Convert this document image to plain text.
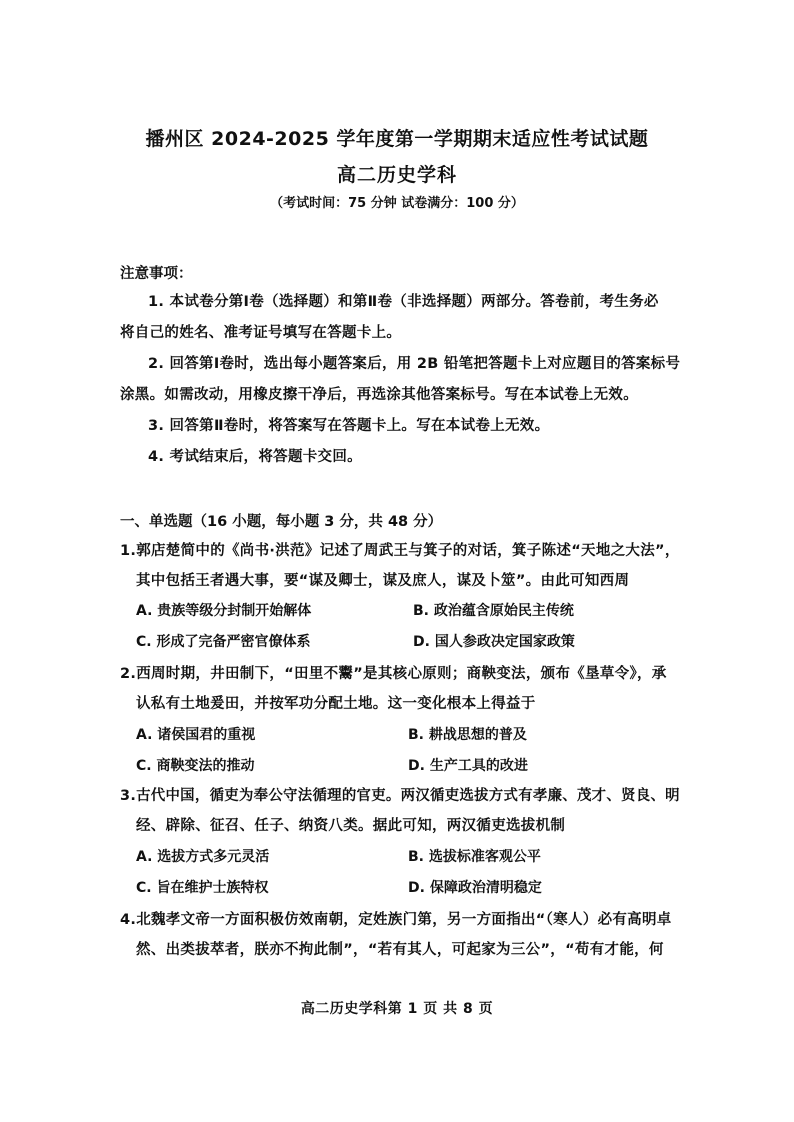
播州区 2024-2025 学年度第一学期期末适应性考试试题
高二历史学科
（考试时间：75 分钟 试卷满分：100 分）
注意事项：
1. 本试卷分第Ⅰ卷（选择题）和第Ⅱ卷（非选择题）两部分。答卷前，考生务必
将自己的姓名、准考证号填写在答题卡上。
2. 回答第Ⅰ卷时，选出每小题答案后，用 2B 铅笔把答题卡上对应题目的答案标号
涂黑。如需改动，用橡皮擦干净后，再选涂其他答案标号。写在本试卷上无效。
3. 回答第Ⅱ卷时，将答案写在答题卡上。写在本试卷上无效。
4. 考试结束后，将答题卡交回。
一、单选题（16 小题，每小题 3 分，共 48 分）
1.郭店楚简中的《尚书·洪范》记述了周武王与箕子的对话，箕子陈述“天地之大法”，
其中包括王者遇大事，要“谋及卿士，谋及庶人，谋及卜筮”。由此可知西周
A. 贵族等级分封制开始解体	B. 政治蕴含原始民主传统
C. 形成了完备严密官僚体系	D. 国人参政决定国家政策
2.西周时期，井田制下，“田里不鬻”是其核心原则；商鞅变法，颁布《垦草令》，承
认私有土地爰田，并按军功分配土地。这一变化根本上得益于
A. 诸侯国君的重视	B. 耕战思想的普及
C. 商鞅变法的推动	D. 生产工具的改进
3.古代中国，循吏为奉公守法循理的官吏。两汉循吏选拔方式有孝廉、茂才、贤良、明
经、辟除、征召、任子、纳资八类。据此可知，两汉循吏选拔机制
A. 选拔方式多元灵活	B. 选拔标准客观公平
C. 旨在维护士族特权	D. 保障政治清明稳定
4.北魏孝文帝一方面积极仿效南朝，定姓族门第，另一方面指出“（寒人）必有高明卓
然、出类拔萃者，朕亦不拘此制”，“若有其人，可起家为三公”，“苟有才能，何
高二历史学科第 1 页 共 8 页
